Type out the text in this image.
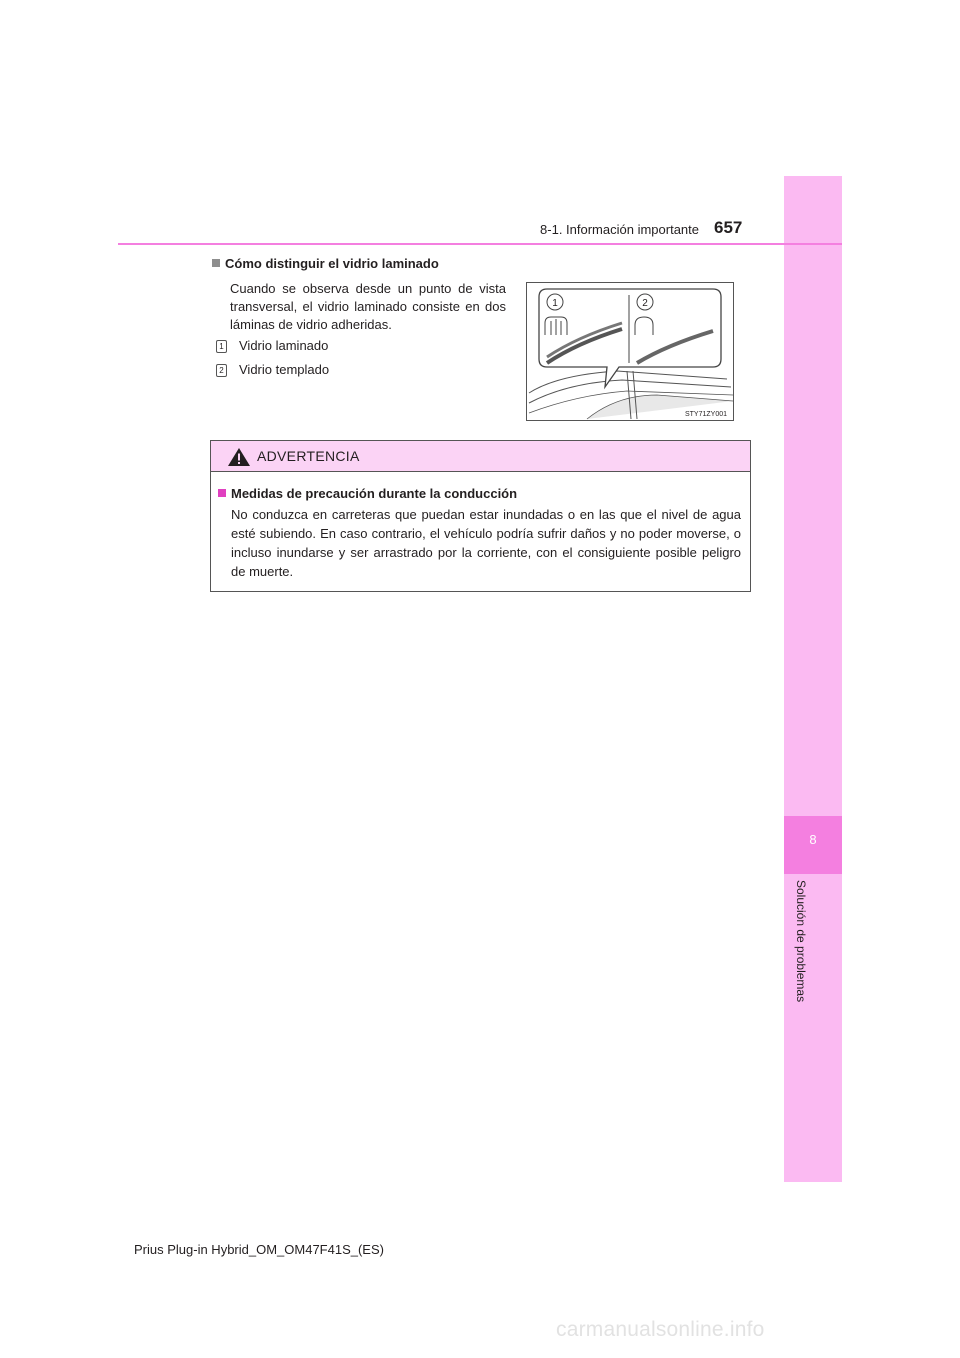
8
Solución de problemas
8-1. Información importante 657
Cómo distinguir el vidrio laminado
Cuando se observa desde un punto de vista transversal, el vidrio laminado consiste en dos láminas de vidrio adheridas.
1 Vidrio laminado
2 Vidrio templado
1	2
STY71ZY001
ADVERTENCIA
Medidas de precaución durante la conducción
No conduzca en carreteras que puedan estar inundadas o en las que el nivel de agua esté subiendo. En caso contrario, el vehículo podría sufrir daños y no poder moverse, o incluso inundarse y ser arrastrado por la corriente, con el consiguiente posible peligro de muerte.
Prius Plug-in Hybrid_OM_OM47F41S_(ES)
carmanualsonline.info
